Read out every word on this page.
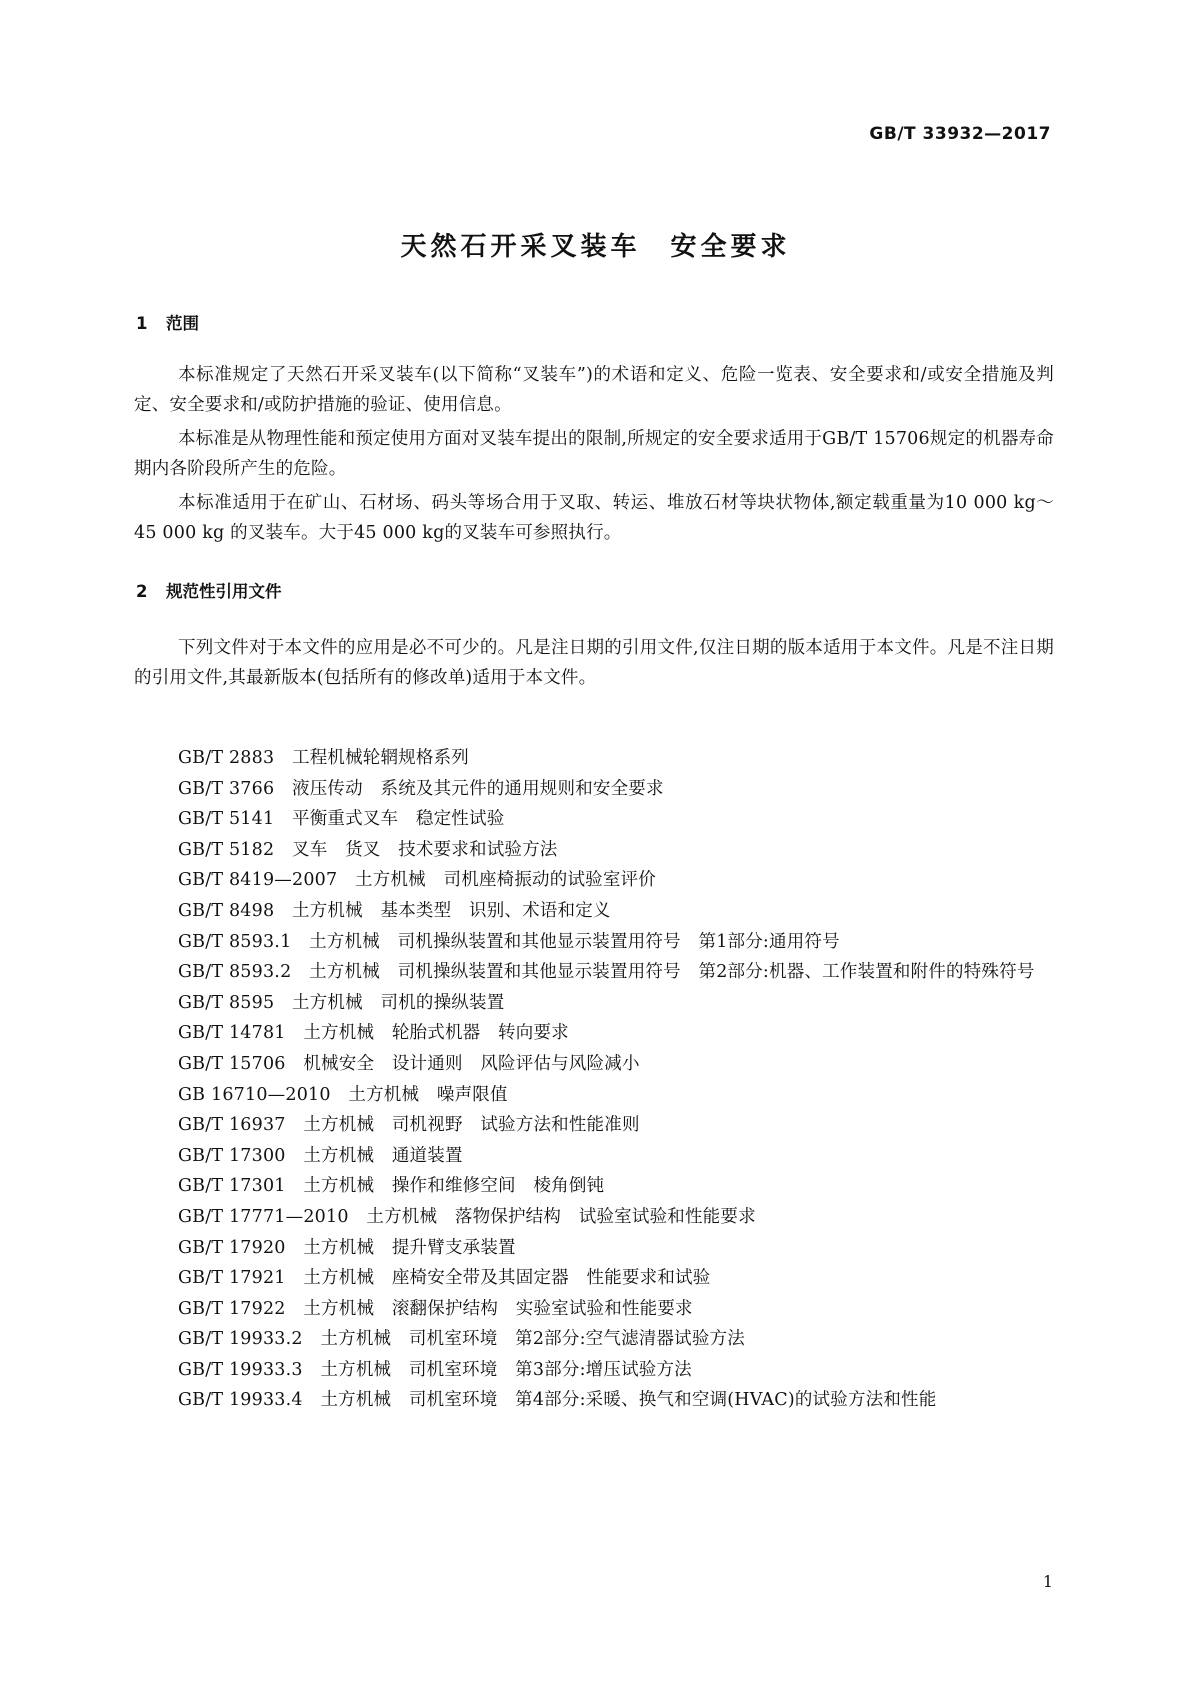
GB/T 33932—2017
天然石开采叉装车　安全要求
1 范围

本标准规定了天然石开采叉装车(以下简称“叉装车”)的术语和定义、危险一览表、安全要求和/或安全措施及判定、安全要求和/或防护措施的验证、使用信息。

本标准是从物理性能和预定使用方面对叉装车提出的限制,所规定的安全要求适用于GB/T 15706规定的机器寿命期内各阶段所产生的危险。

本标准适用于在矿山、石材场、码头等场合用于叉取、转运、堆放石材等块状物体,额定载重量为10 000 kg～45 000 kg 的叉装车。大于45 000 kg的叉装车可参照执行。

2 规范性引用文件

下列文件对于本文件的应用是必不可少的。凡是注日期的引用文件,仅注日期的版本适用于本文件。凡是不注日期的引用文件,其最新版本(包括所有的修改单)适用于本文件。

GB/T 2883　工程机械轮辋规格系列
GB/T 3766　液压传动　系统及其元件的通用规则和安全要求
GB/T 5141　平衡重式叉车　稳定性试验
GB/T 5182　叉车　货叉　技术要求和试验方法
GB/T 8419—2007　土方机械　司机座椅振动的试验室评价
GB/T 8498　土方机械　基本类型　识别、术语和定义
GB/T 8593.1　土方机械　司机操纵装置和其他显示装置用符号　第1部分:通用符号
GB/T 8593.2　土方机械　司机操纵装置和其他显示装置用符号　第2部分:机器、工作装置和附件的特殊符号
GB/T 8595　土方机械　司机的操纵装置
GB/T 14781　土方机械　轮胎式机器　转向要求
GB/T 15706　机械安全　设计通则　风险评估与风险减小
GB 16710—2010　土方机械　噪声限值
GB/T 16937　土方机械　司机视野　试验方法和性能准则
GB/T 17300　土方机械　通道装置
GB/T 17301　土方机械　操作和维修空间　棱角倒钝
GB/T 17771—2010　土方机械　落物保护结构　试验室试验和性能要求
GB/T 17920　土方机械　提升臂支承装置
GB/T 17921　土方机械　座椅安全带及其固定器　性能要求和试验
GB/T 17922　土方机械　滚翻保护结构　实验室试验和性能要求
GB/T 19933.2　土方机械　司机室环境　第2部分:空气滤清器试验方法
GB/T 19933.3　土方机械　司机室环境　第3部分:增压试验方法
GB/T 19933.4　土方机械　司机室环境　第4部分:采暖、换气和空调(HVAC)的试验方法和性能
1
